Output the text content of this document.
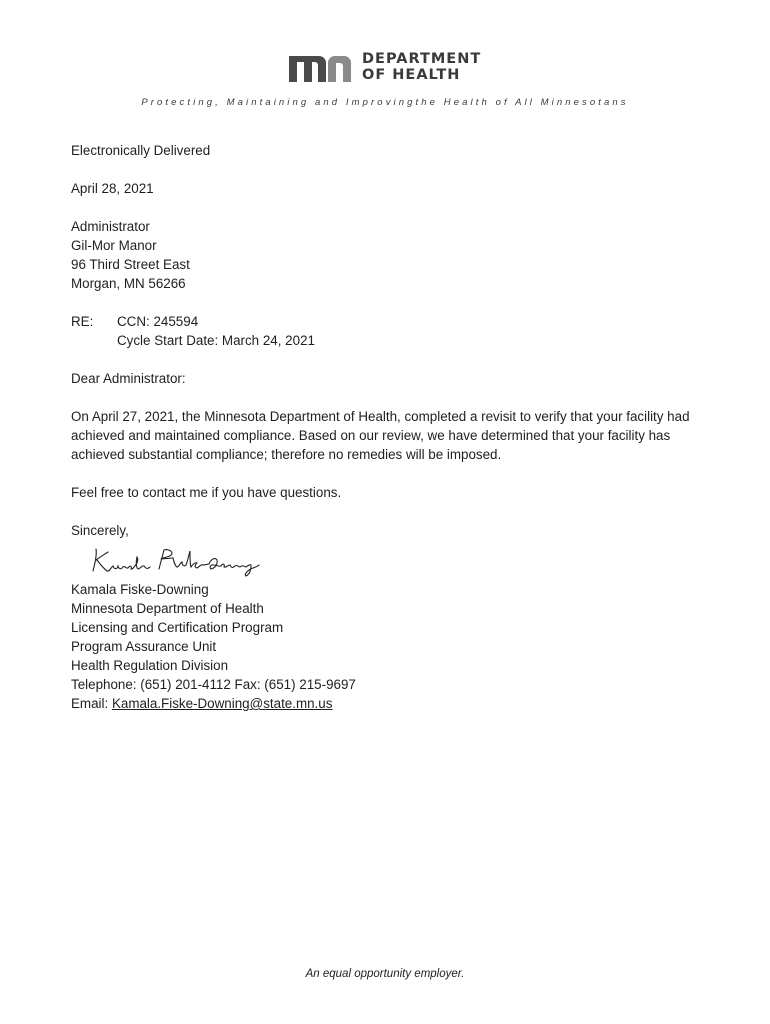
DEPARTMENT
OF HEALTH
Protecting, Maintaining and Improvingthe Health of All Minnesotans

Electronically Delivered

April 28, 2021

Administrator
Gil-Mor Manor
96 Third Street East
Morgan, MN 56266

RE:	CCN: 245594
Cycle Start Date: March 24, 2021

Dear Administrator:

On April 27, 2021, the Minnesota Department of Health, completed a revisit to verify that your facility had achieved and maintained compliance. Based on our review, we have determined that your facility has achieved substantial compliance; therefore no remedies will be imposed.

Feel free to contact me if you have questions.

Sincerely,

Kamala Fiske-Downing
Minnesota Department of Health
Licensing and Certification Program
Program Assurance Unit
Health Regulation Division
Telephone: (651) 201-4112 Fax: (651) 215-9697
Email: Kamala.Fiske-Downing@state.mn.us

An equal opportunity employer.
